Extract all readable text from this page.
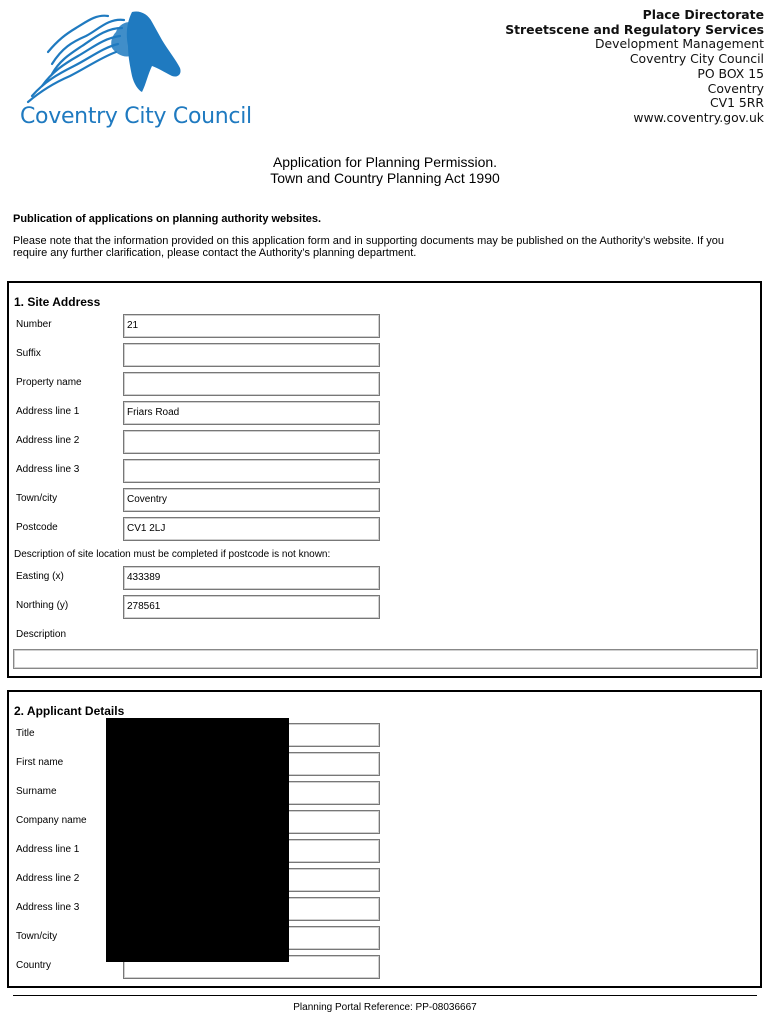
Coventry City Council
Place Directorate
Streetscene and Regulatory Services
Development Management
Coventry City Council
PO BOX 15
Coventry
CV1 5RR
www.coventry.gov.uk
Application for Planning Permission.
Town and Country Planning Act 1990
Publication of applications on planning authority websites.
Please note that the information provided on this application form and in supporting documents may be published on the Authority’s website. If you require any further clarification, please contact the Authority’s planning department.
1. Site Address
Number	21
Suffix
Property name
Address line 1	Friars Road
Address line 2
Address line 3
Town/city	Coventry
Postcode	CV1 2LJ
Description of site location must be completed if postcode is not known:
Easting (x)	433389
Northing (y)	278561
Description
2. Applicant Details
Title
First name
Surname
Company name
Address line 1
Address line 2
Address line 3
Town/city
Country
Planning Portal Reference: PP-08036667
